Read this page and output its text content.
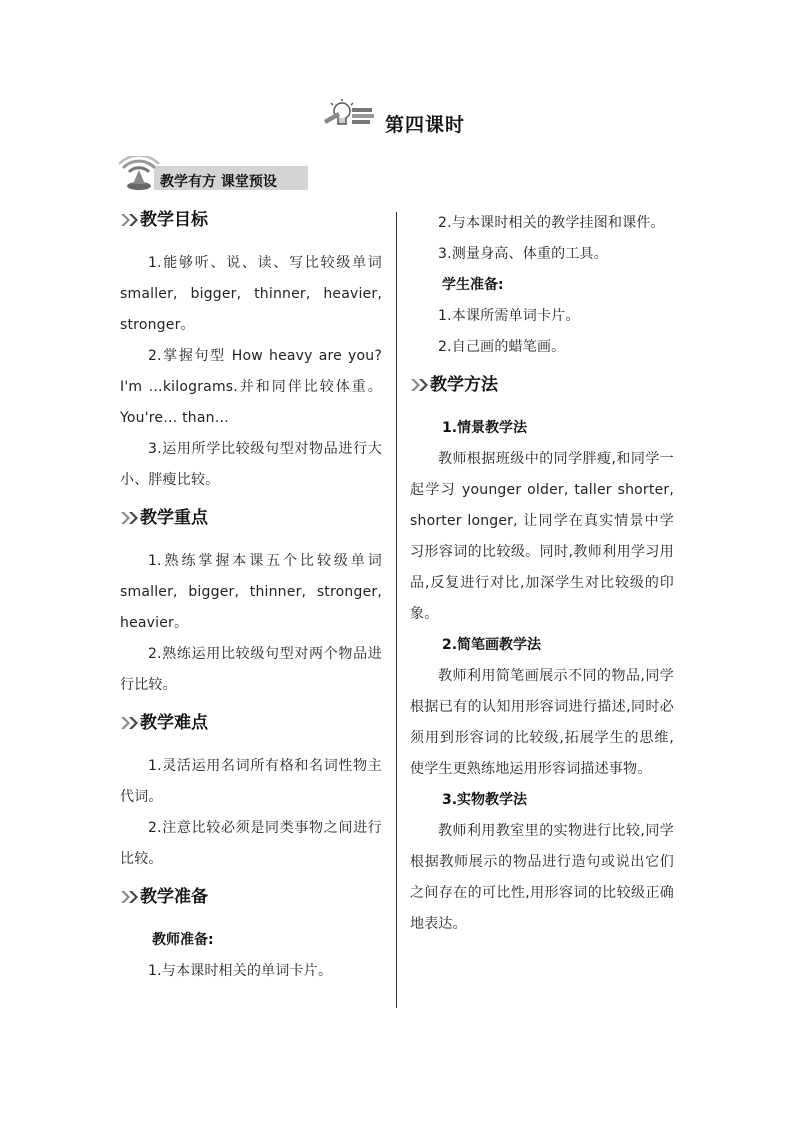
第四课时
教学有方 课堂预设
教学目标

1.能够听、说、读、写比较级单词 smaller, bigger, thinner, heavier, stronger。

2.掌握句型 How heavy are you? I'm …kilograms.并和同伴比较体重。You're… than…

3.运用所学比较级句型对物品进行大小、胖瘦比较。

教学重点

1.熟练掌握本课五个比较级单词 smaller, bigger, thinner, stronger, heavier。

2.熟练运用比较级句型对两个物品进行比较。

教学难点

1.灵活运用名词所有格和名词性物主代词。

2.注意比较必须是同类事物之间进行比较。

教学准备

教师准备:

1.与本课时相关的单词卡片。

2.与本课时相关的教学挂图和课件。

3.测量身高、体重的工具。

学生准备:

1.本课所需单词卡片。

2.自己画的蜡笔画。

教学方法

1.情景教学法

教师根据班级中的同学胖瘦,和同学一起学习 younger older, taller shorter, shorter longer, 让同学在真实情景中学习形容词的比较级。同时,教师利用学习用品,反复进行对比,加深学生对比较级的印象。

2.简笔画教学法

教师利用简笔画展示不同的物品,同学根据已有的认知用形容词进行描述,同时必须用到形容词的比较级,拓展学生的思维,使学生更熟练地运用形容词描述事物。

3.实物教学法

教师利用教室里的实物进行比较,同学根据教师展示的物品进行造句或说出它们之间存在的可比性,用形容词的比较级正确地表达。
